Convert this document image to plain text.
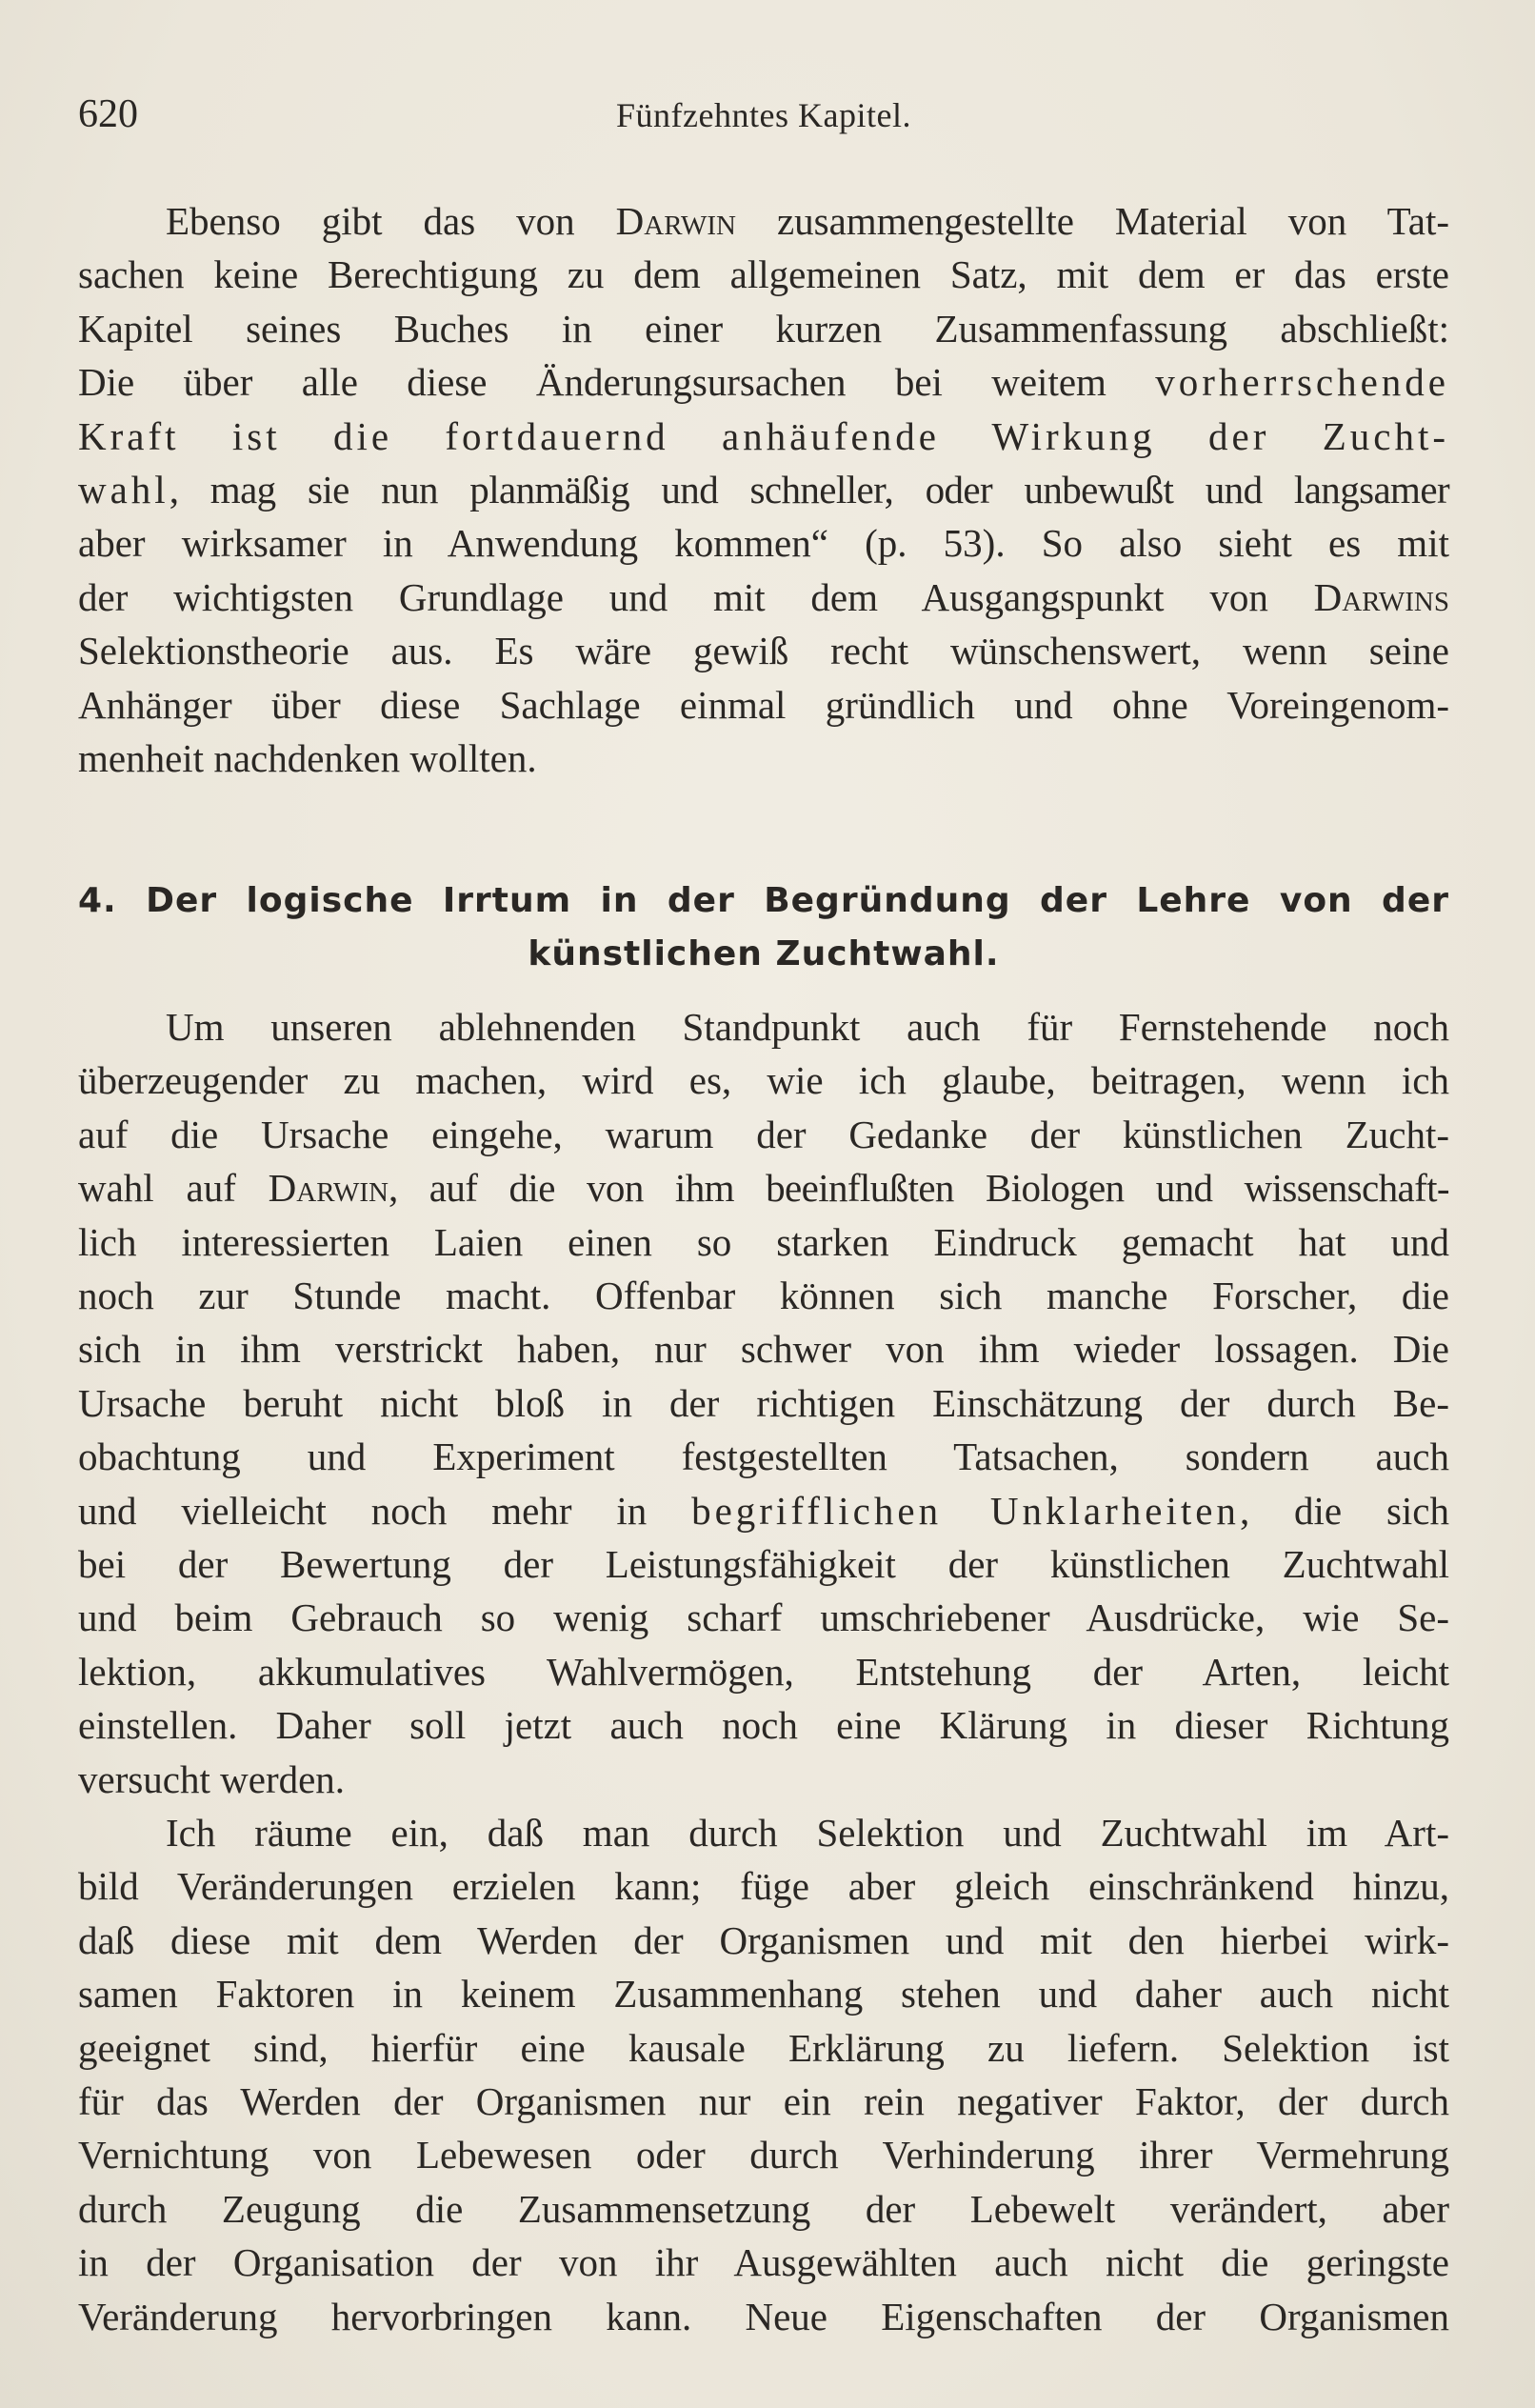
620	Fünfzehntes Kapitel.

Ebenso gibt das von Darwin zusammengestellte Material von Tat-
sachen keine Berechtigung zu dem allgemeinen Satz, mit dem er das erste
Kapitel seines Buches in einer kurzen Zusammenfassung abschließt:
Die über alle diese Änderungsursachen bei weitem vorherrschende
Kraft ist die fortdauernd anhäufende Wirkung der Zucht-
wahl, mag sie nun planmäßig und schneller, oder unbewußt und langsamer
aber wirksamer in Anwendung kommen“ (p. 53). So also sieht es mit
der wichtigsten Grundlage und mit dem Ausgangspunkt von Darwins
Selektionstheorie aus. Es wäre gewiß recht wünschenswert, wenn seine
Anhänger über diese Sachlage einmal gründlich und ohne Voreingenom-
menheit nachdenken wollten.

4. Der logische Irrtum in der Begründung der Lehre von der
künstlichen Zuchtwahl.

Um unseren ablehnenden Standpunkt auch für Fernstehende noch
überzeugender zu machen, wird es, wie ich glaube, beitragen, wenn ich
auf die Ursache eingehe, warum der Gedanke der künstlichen Zucht-
wahl auf Darwin, auf die von ihm beeinflußten Biologen und wissenschaft-
lich interessierten Laien einen so starken Eindruck gemacht hat und
noch zur Stunde macht. Offenbar können sich manche Forscher, die
sich in ihm verstrickt haben, nur schwer von ihm wieder lossagen. Die
Ursache beruht nicht bloß in der richtigen Einschätzung der durch Be-
obachtung und Experiment festgestellten Tatsachen, sondern auch
und vielleicht noch mehr in begrifflichen Unklarheiten, die sich
bei der Bewertung der Leistungsfähigkeit der künstlichen Zuchtwahl
und beim Gebrauch so wenig scharf umschriebener Ausdrücke, wie Se-
lektion, akkumulatives Wahlvermögen, Entstehung der Arten, leicht
einstellen. Daher soll jetzt auch noch eine Klärung in dieser Richtung
versucht werden.

Ich räume ein, daß man durch Selektion und Zuchtwahl im Art-
bild Veränderungen erzielen kann; füge aber gleich einschränkend hinzu,
daß diese mit dem Werden der Organismen und mit den hierbei wirk-
samen Faktoren in keinem Zusammenhang stehen und daher auch nicht
geeignet sind, hierfür eine kausale Erklärung zu liefern. Selektion ist
für das Werden der Organismen nur ein rein negativer Faktor, der durch
Vernichtung von Lebewesen oder durch Verhinderung ihrer Vermehrung
durch Zeugung die Zusammensetzung der Lebewelt verändert, aber
in der Organisation der von ihr Ausgewählten auch nicht die geringste
Veränderung hervorbringen kann. Neue Eigenschaften der Organismen
